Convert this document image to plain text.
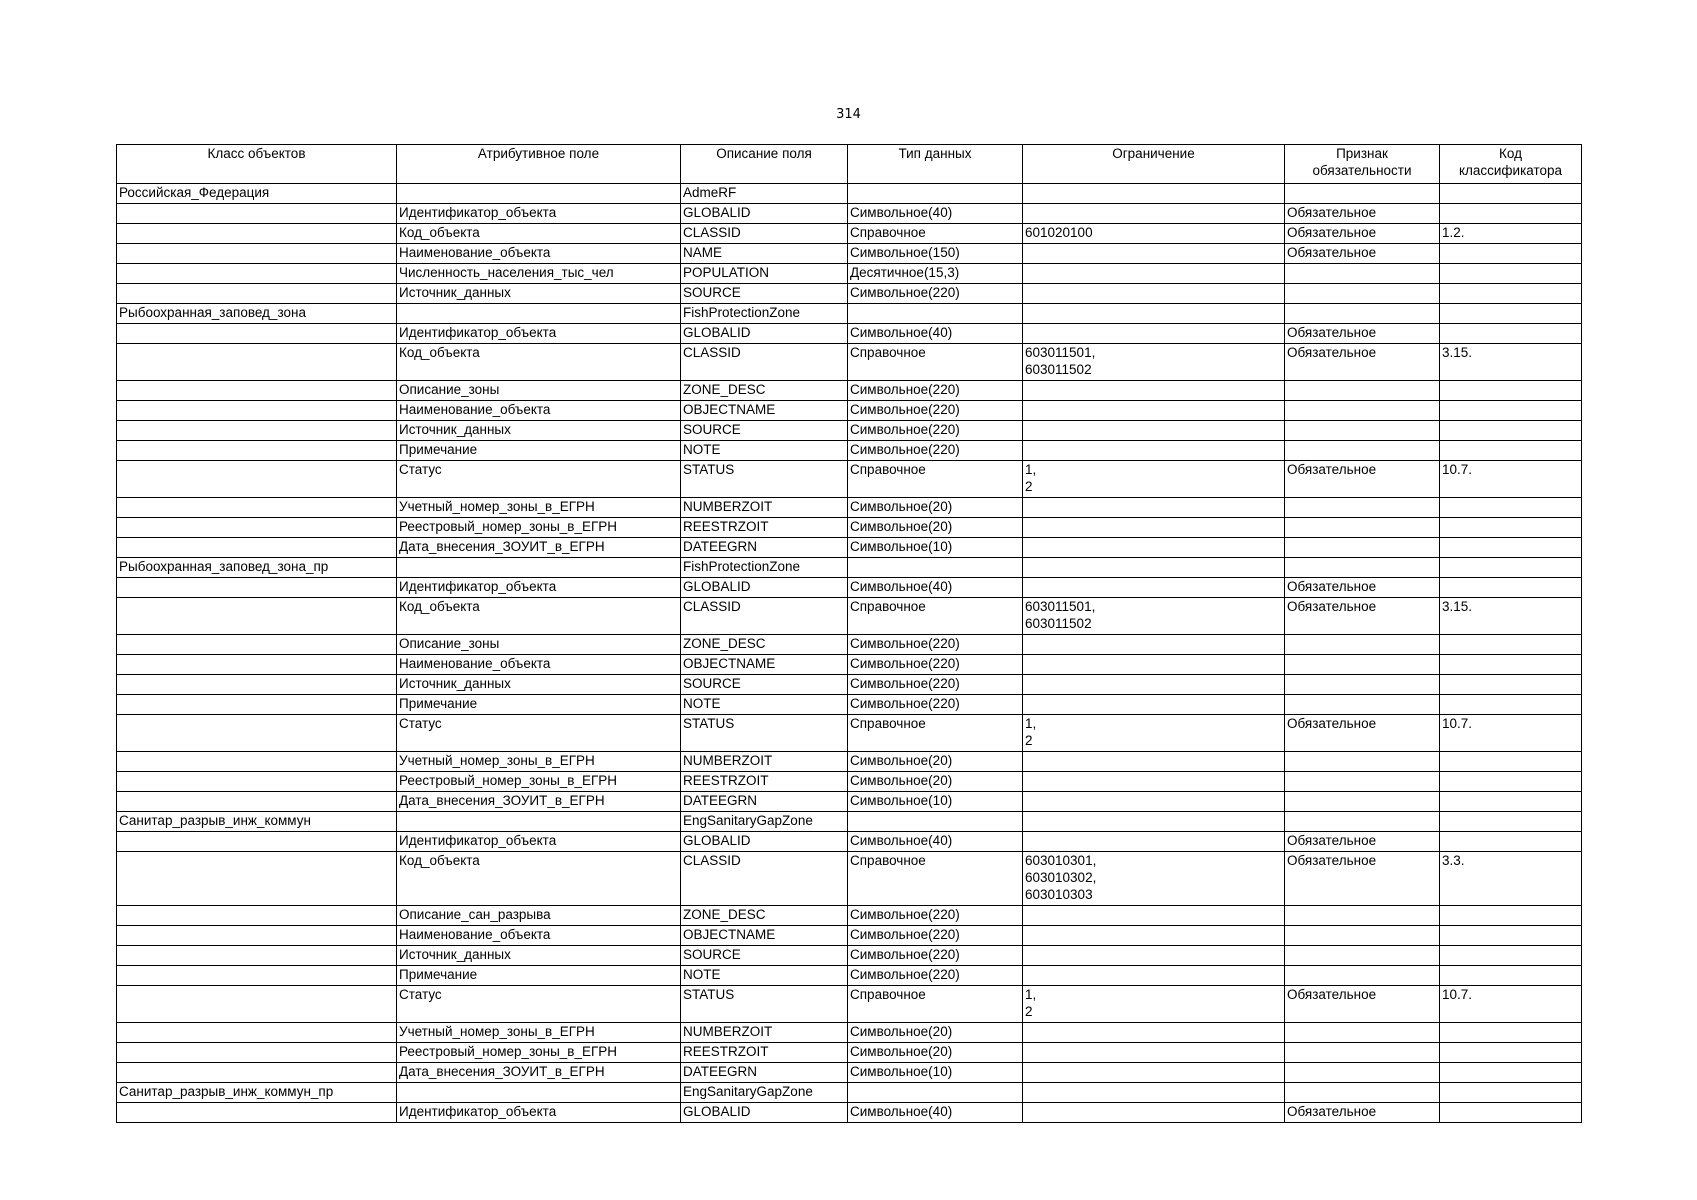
314
Класс объектов	Атрибутивное поле	Описание поля	Тип данных	Ограничение	Признак
обязательности	Код
классификатора
Российская_Федерация		AdmeRF				
	Идентификатор_объекта	GLOBALID	Символьное(40)		Обязательное	
	Код_объекта	CLASSID	Справочное	601020100	Обязательное	1.2.
	Наименование_объекта	NAME	Символьное(150)		Обязательное	
	Численность_населения_тыс_чел	POPULATION	Десятичное(15,3)			
	Источник_данных	SOURCE	Символьное(220)			
Рыбоохранная_заповед_зона		FishProtectionZone				
	Идентификатор_объекта	GLOBALID	Символьное(40)		Обязательное	
	Код_объекта	CLASSID	Справочное	603011501,
603011502	Обязательное	3.15.
	Описание_зоны	ZONE_DESC	Символьное(220)			
	Наименование_объекта	OBJECTNAME	Символьное(220)			
	Источник_данных	SOURCE	Символьное(220)			
	Примечание	NOTE	Символьное(220)			
	Статус	STATUS	Справочное	1,
2	Обязательное	10.7.
	Учетный_номер_зоны_в_ЕГРН	NUMBERZOIT	Символьное(20)			
	Реестровый_номер_зоны_в_ЕГРН	REESTRZOIT	Символьное(20)			
	Дата_внесения_ЗОУИТ_в_ЕГРН	DATEEGRN	Символьное(10)			
Рыбоохранная_заповед_зона_пр		FishProtectionZone				
	Идентификатор_объекта	GLOBALID	Символьное(40)		Обязательное	
	Код_объекта	CLASSID	Справочное	603011501,
603011502	Обязательное	3.15.
	Описание_зоны	ZONE_DESC	Символьное(220)			
	Наименование_объекта	OBJECTNAME	Символьное(220)			
	Источник_данных	SOURCE	Символьное(220)			
	Примечание	NOTE	Символьное(220)			
	Статус	STATUS	Справочное	1,
2	Обязательное	10.7.
	Учетный_номер_зоны_в_ЕГРН	NUMBERZOIT	Символьное(20)			
	Реестровый_номер_зоны_в_ЕГРН	REESTRZOIT	Символьное(20)			
	Дата_внесения_ЗОУИТ_в_ЕГРН	DATEEGRN	Символьное(10)			
Санитар_разрыв_инж_коммун		EngSanitaryGapZone				
	Идентификатор_объекта	GLOBALID	Символьное(40)		Обязательное	
	Код_объекта	CLASSID	Справочное	603010301,
603010302,
603010303	Обязательное	3.3.
	Описание_сан_разрыва	ZONE_DESC	Символьное(220)			
	Наименование_объекта	OBJECTNAME	Символьное(220)			
	Источник_данных	SOURCE	Символьное(220)			
	Примечание	NOTE	Символьное(220)			
	Статус	STATUS	Справочное	1,
2	Обязательное	10.7.
	Учетный_номер_зоны_в_ЕГРН	NUMBERZOIT	Символьное(20)			
	Реестровый_номер_зоны_в_ЕГРН	REESTRZOIT	Символьное(20)			
	Дата_внесения_ЗОУИТ_в_ЕГРН	DATEEGRN	Символьное(10)			
Санитар_разрыв_инж_коммун_пр		EngSanitaryGapZone				
	Идентификатор_объекта	GLOBALID	Символьное(40)		Обязательное	
